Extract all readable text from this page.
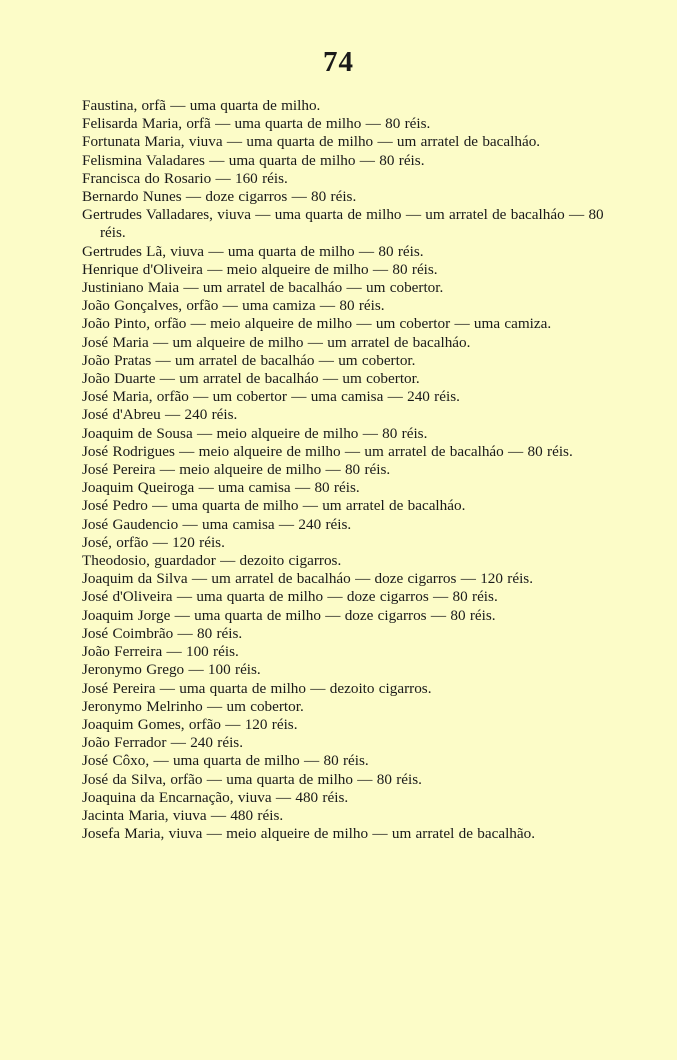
74
Faustina, orfã — uma quarta de milho.
Felisarda Maria, orfã — uma quarta de milho — 80 réis.
Fortunata Maria, viuva — uma quarta de milho — um arratel de bacalháo.
Felismina Valadares — uma quarta de milho — 80 réis.
Francisca do Rosario — 160 réis.
Bernardo Nunes — doze cigarros — 80 réis.
Gertrudes Valladares, viuva — uma quarta de milho — um arratel de bacalháo — 80 réis.
Gertrudes Lã, viuva — uma quarta de milho — 80 réis.
Henrique d'Oliveira — meio alqueire de milho — 80 réis.
Justiniano Maia — um arratel de bacalháo — um cobertor.
João Gonçalves, orfão — uma camiza — 80 réis.
João Pinto, orfão — meio alqueire de milho — um cobertor — uma camiza.
José Maria — um alqueire de milho — um arratel de bacalháo.
João Pratas — um arratel de bacalháo — um cobertor.
João Duarte — um arratel de bacalháo — um cobertor.
José Maria, orfão — um cobertor — uma camisa — 240 réis.
José d'Abreu — 240 réis.
Joaquim de Sousa — meio alqueire de milho — 80 réis.
José Rodrigues — meio alqueire de milho — um arratel de bacalháo — 80 réis.
José Pereira — meio alqueire de milho — 80 réis.
Joaquim Queiroga — uma camisa — 80 réis.
José Pedro — uma quarta de milho — um arratel de bacalháo.
José Gaudencio — uma camisa — 240 réis.
José, orfão — 120 réis.
Theodosio, guardador — dezoito cigarros.
Joaquim da Silva — um arratel de bacalháo — doze cigarros — 120 réis.
José d'Oliveira — uma quarta de milho — doze cigarros — 80 réis.
Joaquim Jorge — uma quarta de milho — doze cigarros — 80 réis.
José Coimbrão — 80 réis.
João Ferreira — 100 réis.
Jeronymo Grego — 100 réis.
José Pereira — uma quarta de milho — dezoito cigarros.
Jeronymo Melrinho — um cobertor.
Joaquim Gomes, orfão — 120 réis.
João Ferrador — 240 réis.
José Côxo, — uma quarta de milho — 80 réis.
José da Silva, orfão — uma quarta de milho — 80 réis.
Joaquina da Encarnação, viuva — 480 réis.
Jacinta Maria, viuva — 480 réis.
Josefa Maria, viuva — meio alqueire de milho — um arratel de bacalhão.
